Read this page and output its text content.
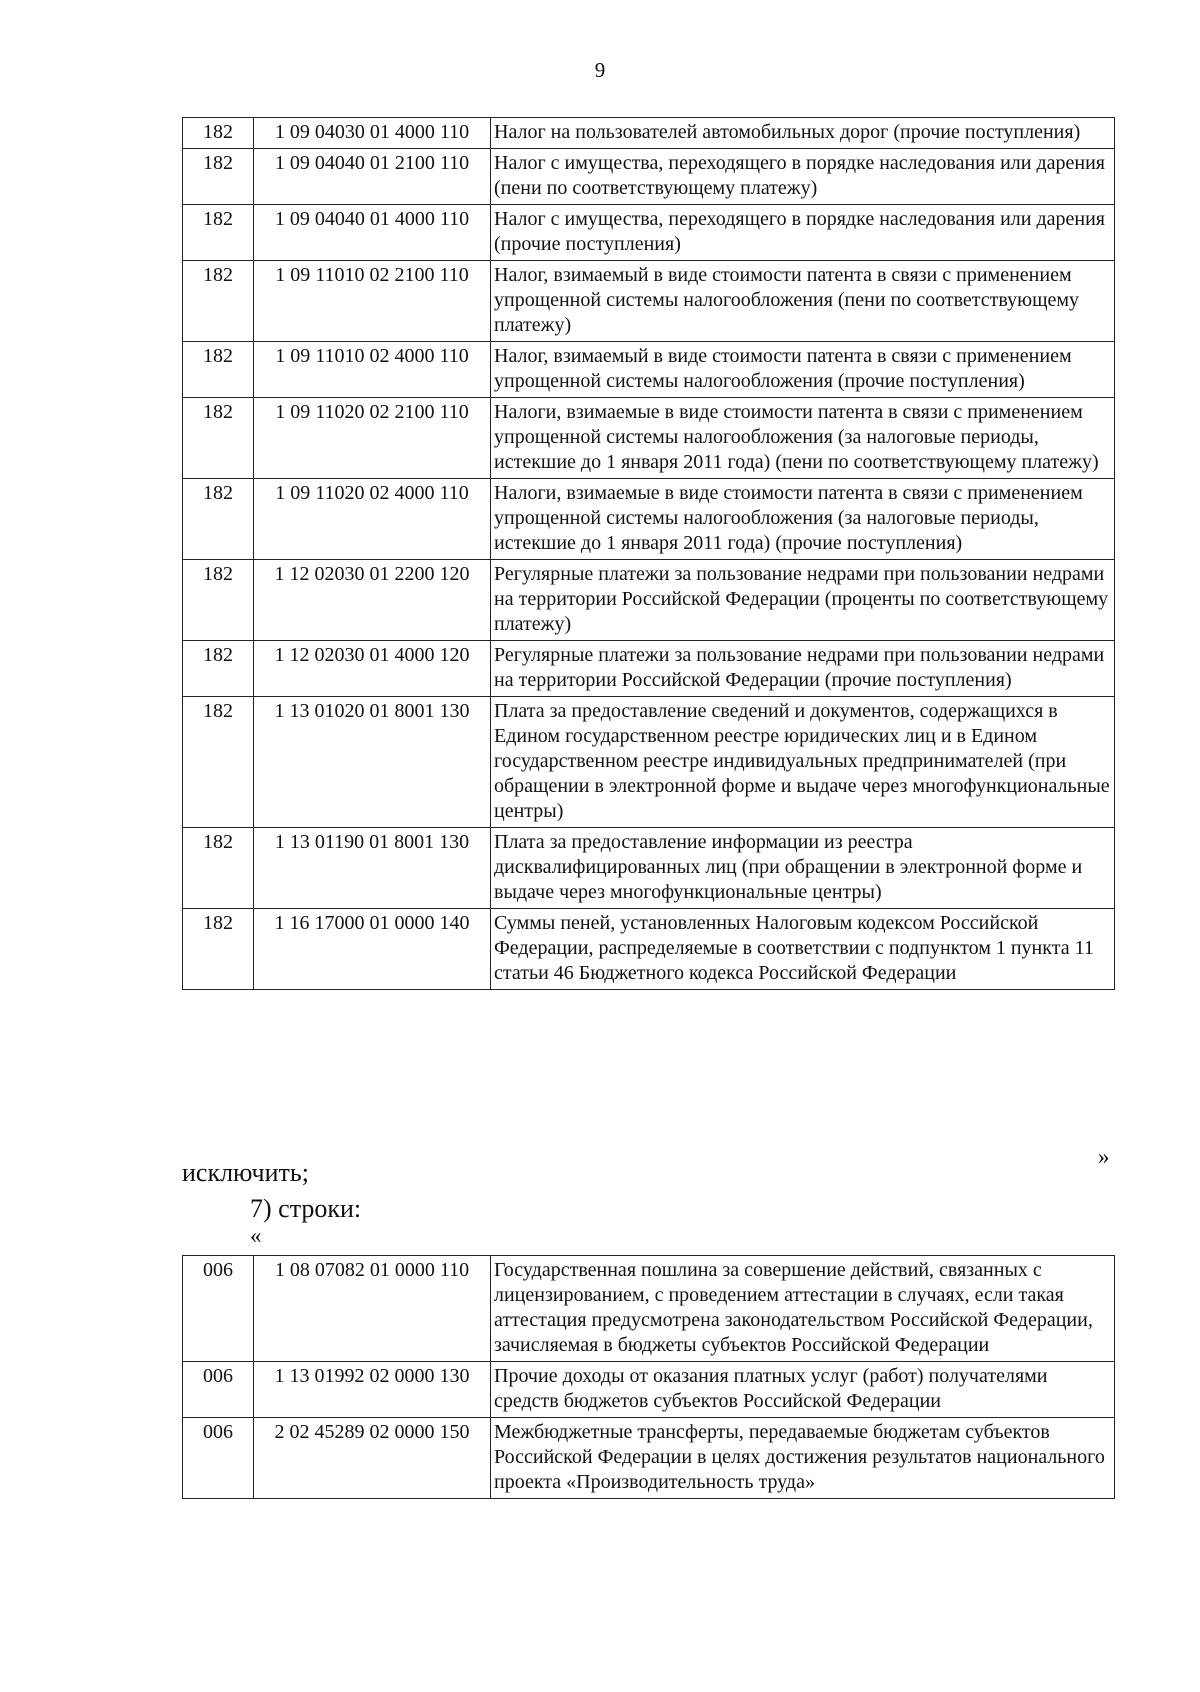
9
182	1 09 04030 01 4000 110	Налог на пользователей автомобильных дорог (прочие поступления)
182	1 09 04040 01 2100 110	Налог с имущества, переходящего в порядке наследования или дарения (пени по соответствующему платежу)
182	1 09 04040 01 4000 110	Налог с имущества, переходящего в порядке наследования или дарения (прочие поступления)
182	1 09 11010 02 2100 110	Налог, взимаемый в виде стоимости патента в связи с применением упрощенной системы налогообложения (пени по соответствующему платежу)
182	1 09 11010 02 4000 110	Налог, взимаемый в виде стоимости патента в связи с применением упрощенной системы налогообложения (прочие поступления)
182	1 09 11020 02 2100 110	Налоги, взимаемые в виде стоимости патента в связи с применением упрощенной системы налогообложения (за налоговые периоды, истекшие до 1 января 2011 года) (пени по соответствующему платежу)
182	1 09 11020 02 4000 110	Налоги, взимаемые в виде стоимости патента в связи с применением упрощенной системы налогообложения (за налоговые периоды, истекшие до 1 января 2011 года) (прочие поступления)
182	1 12 02030 01 2200 120	Регулярные платежи за пользование недрами при пользовании недрами на территории Российской Федерации (проценты по соответствующему платежу)
182	1 12 02030 01 4000 120	Регулярные платежи за пользование недрами при пользовании недрами на территории Российской Федерации (прочие поступления)
182	1 13 01020 01 8001 130	Плата за предоставление сведений и документов, содержащихся в Едином государственном реестре юридических лиц и в Едином государственном реестре индивидуальных предпринимателей (при обращении в электронной форме и выдаче через многофункциональные центры)
182	1 13 01190 01 8001 130	Плата за предоставление информации из реестра дисквалифицированных лиц (при обращении в электронной форме и выдаче через многофункциональные центры)
182	1 16 17000 01 0000 140	Суммы пеней, установленных Налоговым кодексом Российской Федерации, распределяемые в соответствии с подпунктом 1 пункта 11 статьи 46 Бюджетного кодекса Российской Федерации
»
исключить;
7) строки:
«
006	1 08 07082 01 0000 110	Государственная пошлина за совершение действий, связанных с лицензированием, с проведением аттестации в случаях, если такая аттестация предусмотрена законодательством Российской Федерации, зачисляемая в бюджеты субъектов Российской Федерации
006	1 13 01992 02 0000 130	Прочие доходы от оказания платных услуг (работ) получателями средств бюджетов субъектов Российской Федерации
006	2 02 45289 02 0000 150	Межбюджетные трансферты, передаваемые бюджетам субъектов Российской Федерации в целях достижения результатов национального проекта «Производительность труда»
